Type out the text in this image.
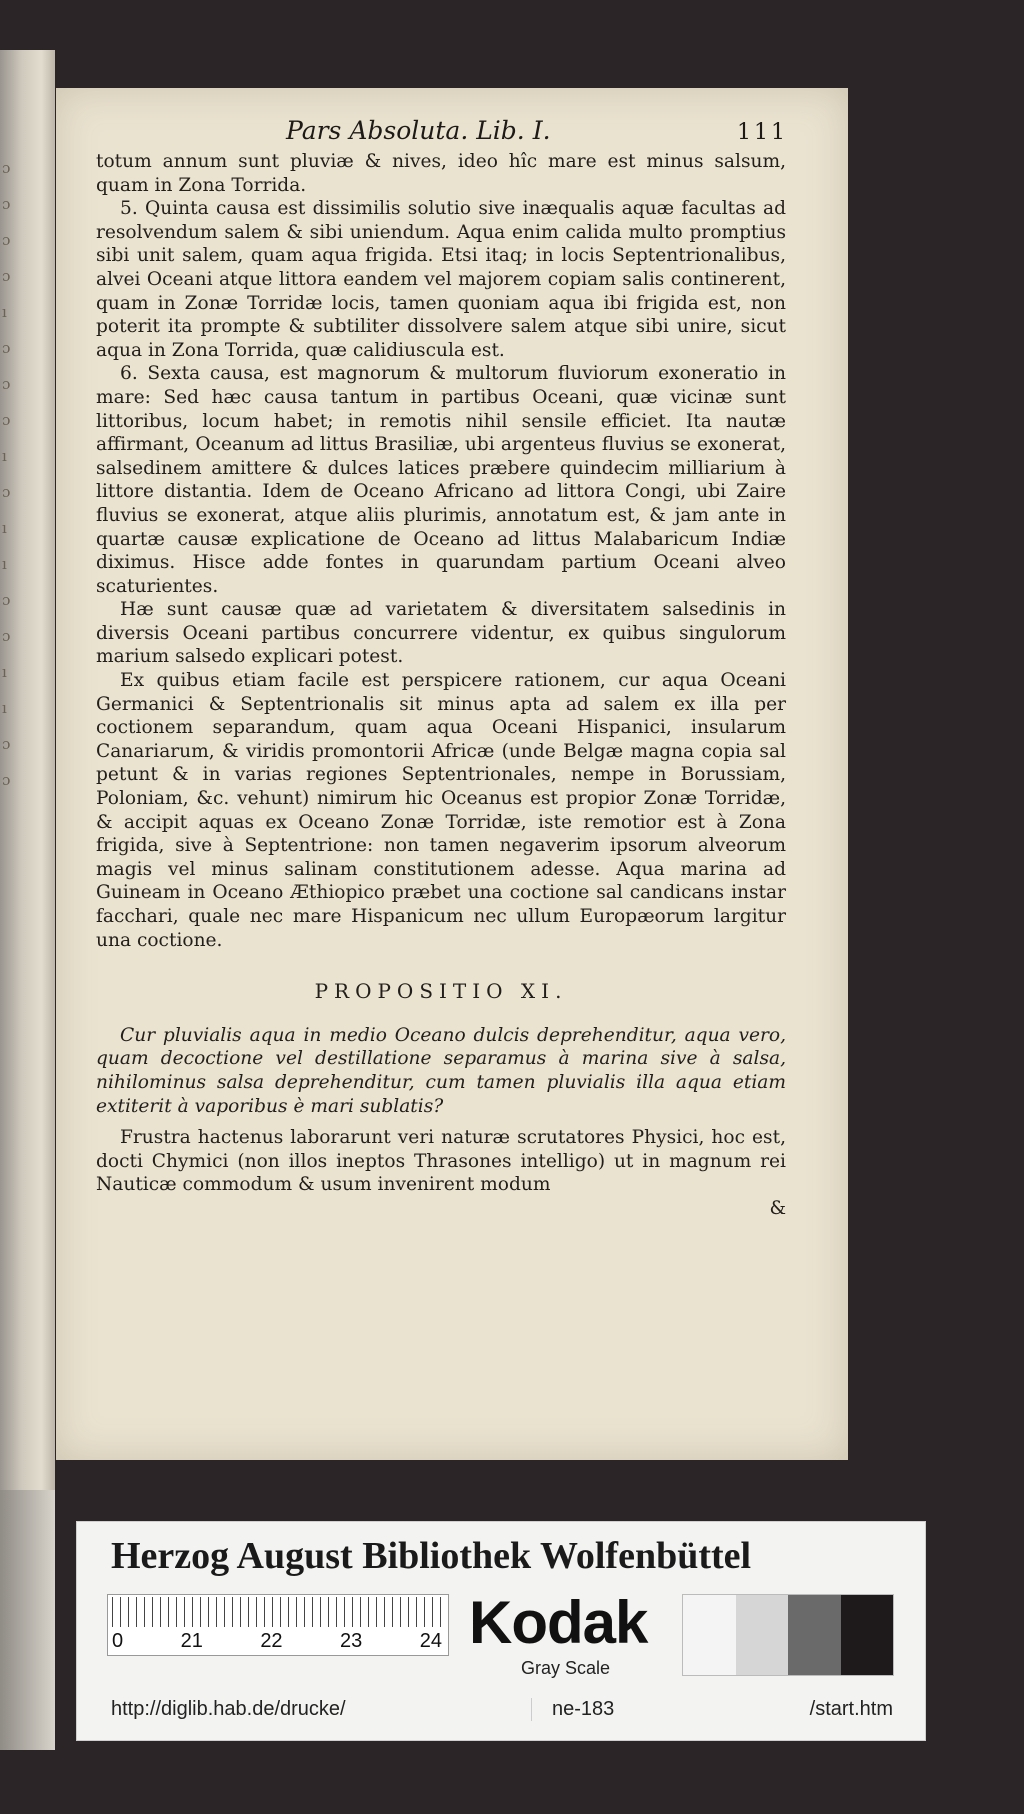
ɔ
ɔ
ɔ
ɔ
ı
ɔ
ɔ
ɔ
ı
ɔ
ı
ı
ɔ
ɔ
ı
ı
ɔ
ɔ
Pars Absoluta. Lib. I.	111

totum annum sunt pluviæ & nives, ideo hîc mare est minus salsum, quam in Zona Torrida.

5. Quinta causa est dissimilis solutio sive inæqualis aquæ facultas ad resolvendum salem & sibi uniendum. Aqua enim calida multo promptius sibi unit salem, quam aqua frigida. Etsi itaq; in locis Septentrionalibus, alvei Oceani atque littora eandem vel majorem copiam salis continerent, quam in Zonæ Torridæ locis, tamen quoniam aqua ibi frigida est, non poterit ita prompte & subtiliter dissolvere salem atque sibi unire, sicut aqua in Zona Torrida, quæ calidiuscula est.

6. Sexta causa, est magnorum & multorum fluviorum exoneratio in mare: Sed hæc causa tantum in partibus Oceani, quæ vicinæ sunt littoribus, locum habet; in remotis nihil sensile efficiet. Ita nautæ affirmant, Oceanum ad littus Brasiliæ, ubi argenteus fluvius se exonerat, salsedinem amittere & dulces latices præbere quindecim milliarium à littore distantia. Idem de Oceano Africano ad littora Congi, ubi Zaire fluvius se exonerat, atque aliis plurimis, annotatum est, & jam ante in quartæ causæ explicatione de Oceano ad littus Malabaricum Indiæ diximus. Hisce adde fontes in quarundam partium Oceani alveo scaturientes.

Hæ sunt causæ quæ ad varietatem & diversitatem salsedinis in diversis Oceani partibus concurrere videntur, ex quibus singulorum marium salsedo explicari potest.

Ex quibus etiam facile est perspicere rationem, cur aqua Oceani Germanici & Septentrionalis sit minus apta ad salem ex illa per coctionem separandum, quam aqua Oceani Hispanici, insularum Canariarum, & viridis promontorii Africæ (unde Belgæ magna copia sal petunt & in varias regiones Septentrionales, nempe in Borussiam, Poloniam, &c. vehunt) nimirum hic Oceanus est propior Zonæ Torridæ, & accipit aquas ex Oceano Zonæ Torridæ, iste remotior est à Zona frigida, sive à Septentrione: non tamen negaverim ipsorum alveorum magis vel minus salinam constitutionem adesse. Aqua marina ad Guineam in Oceano Æthiopico præbet una coctione sal candicans instar facchari, quale nec mare Hispanicum nec ullum Europæorum largitur una coctione.

PROPOSITIO XI.

Cur pluvialis aqua in medio Oceano dulcis deprehenditur, aqua vero, quam decoctione vel destillatione separamus à marina sive à salsa, nihilominus salsa deprehenditur, cum tamen pluvialis illa aqua etiam extiterit à vaporibus è mari sublatis?

Frustra hactenus laborarunt veri naturæ scrutatores Physici, hoc est, docti Chymici (non illos ineptos Thrasones intelligo) ut in magnum rei Nauticæ commodum & usum invenirent modum

&

Herzog August Bibliothek Wolfenbüttel
0	21	22	23	24 Kodak
Gray Scale
http://diglib.hab.de/drucke/	ne-183	/start.htm
